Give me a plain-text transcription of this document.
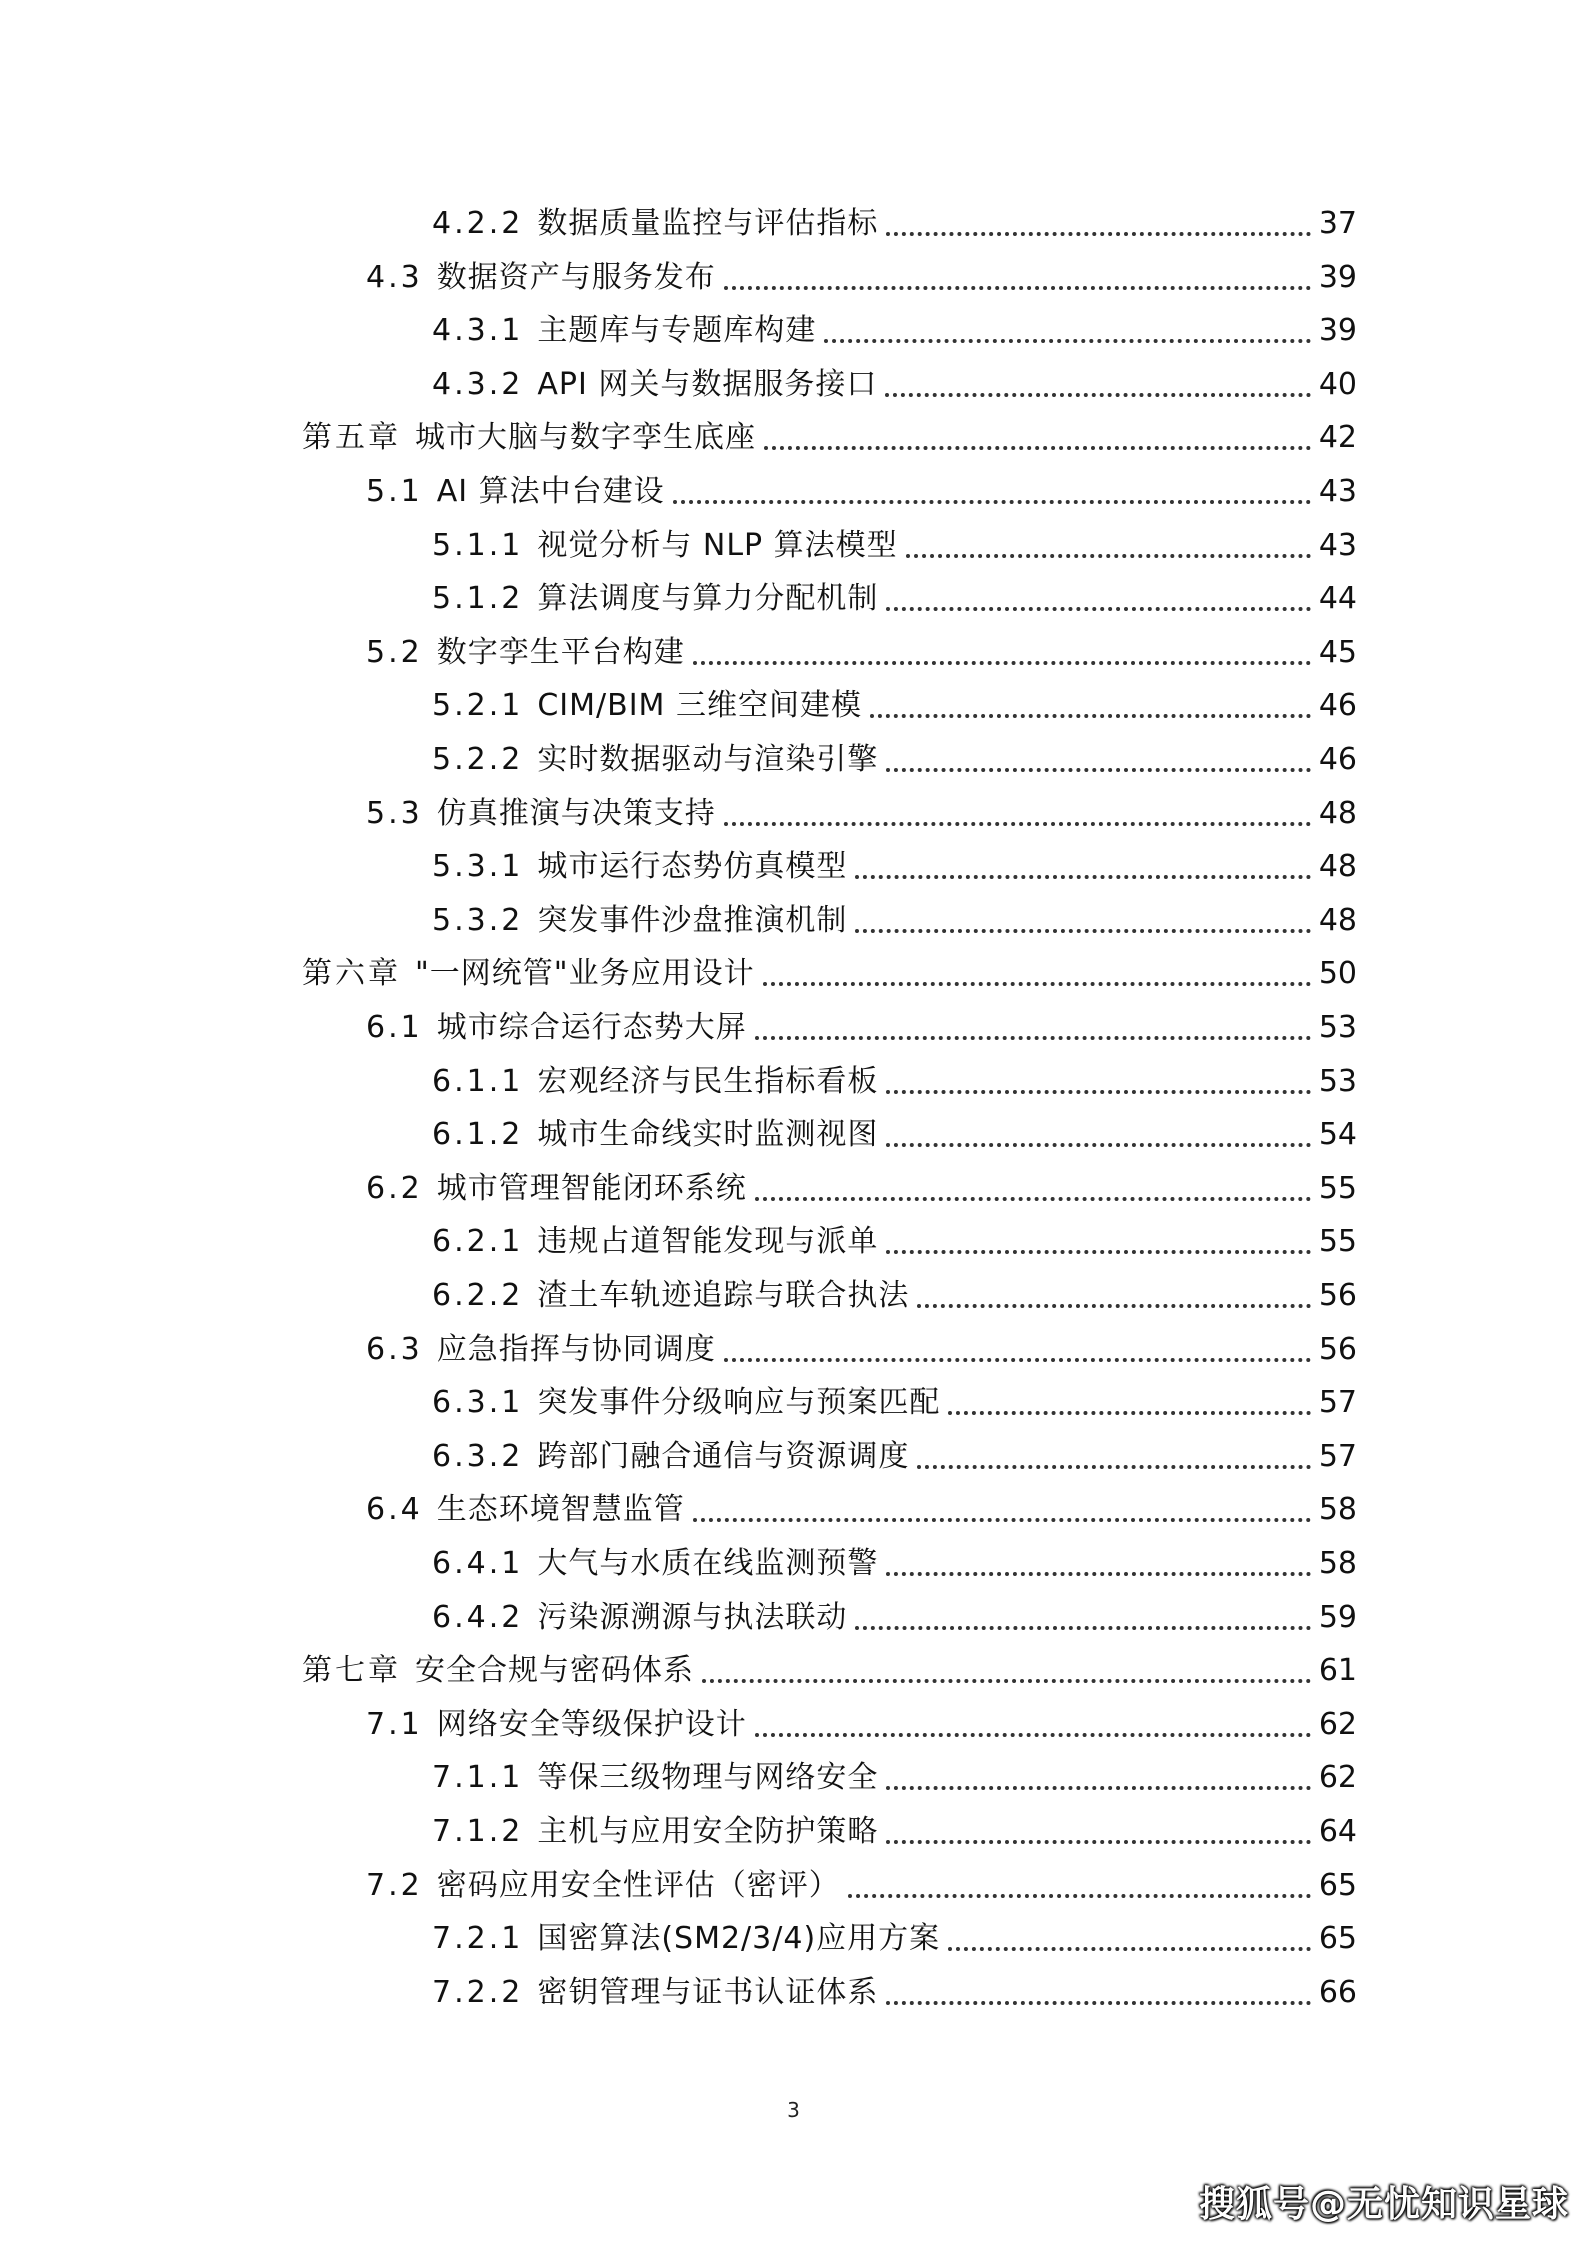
4.2.2 数据质量监控与评估指标	37
4.3 数据资产与服务发布	39
4.3.1 主题库与专题库构建	39
4.3.2 API 网关与数据服务接口	40
第五章 城市大脑与数字孪生底座	42
5.1 AI 算法中台建设	43
5.1.1 视觉分析与 NLP 算法模型	43
5.1.2 算法调度与算力分配机制	44
5.2 数字孪生平台构建	45
5.2.1 CIM/BIM 三维空间建模	46
5.2.2 实时数据驱动与渲染引擎	46
5.3 仿真推演与决策支持	48
5.3.1 城市运行态势仿真模型	48
5.3.2 突发事件沙盘推演机制	48
第六章 "一网统管"业务应用设计	50
6.1 城市综合运行态势大屏	53
6.1.1 宏观经济与民生指标看板	53
6.1.2 城市生命线实时监测视图	54
6.2 城市管理智能闭环系统	55
6.2.1 违规占道智能发现与派单	55
6.2.2 渣土车轨迹追踪与联合执法	56
6.3 应急指挥与协同调度	56
6.3.1 突发事件分级响应与预案匹配	57
6.3.2 跨部门融合通信与资源调度	57
6.4 生态环境智慧监管	58
6.4.1 大气与水质在线监测预警	58
6.4.2 污染源溯源与执法联动	59
第七章 安全合规与密码体系	61
7.1 网络安全等级保护设计	62
7.1.1 等保三级物理与网络安全	62
7.1.2 主机与应用安全防护策略	64
7.2 密码应用安全性评估（密评）	65
7.2.1 国密算法(SM2/3/4)应用方案	65
7.2.2 密钥管理与证书认证体系	66
3
搜狐号@无忧知识星球
